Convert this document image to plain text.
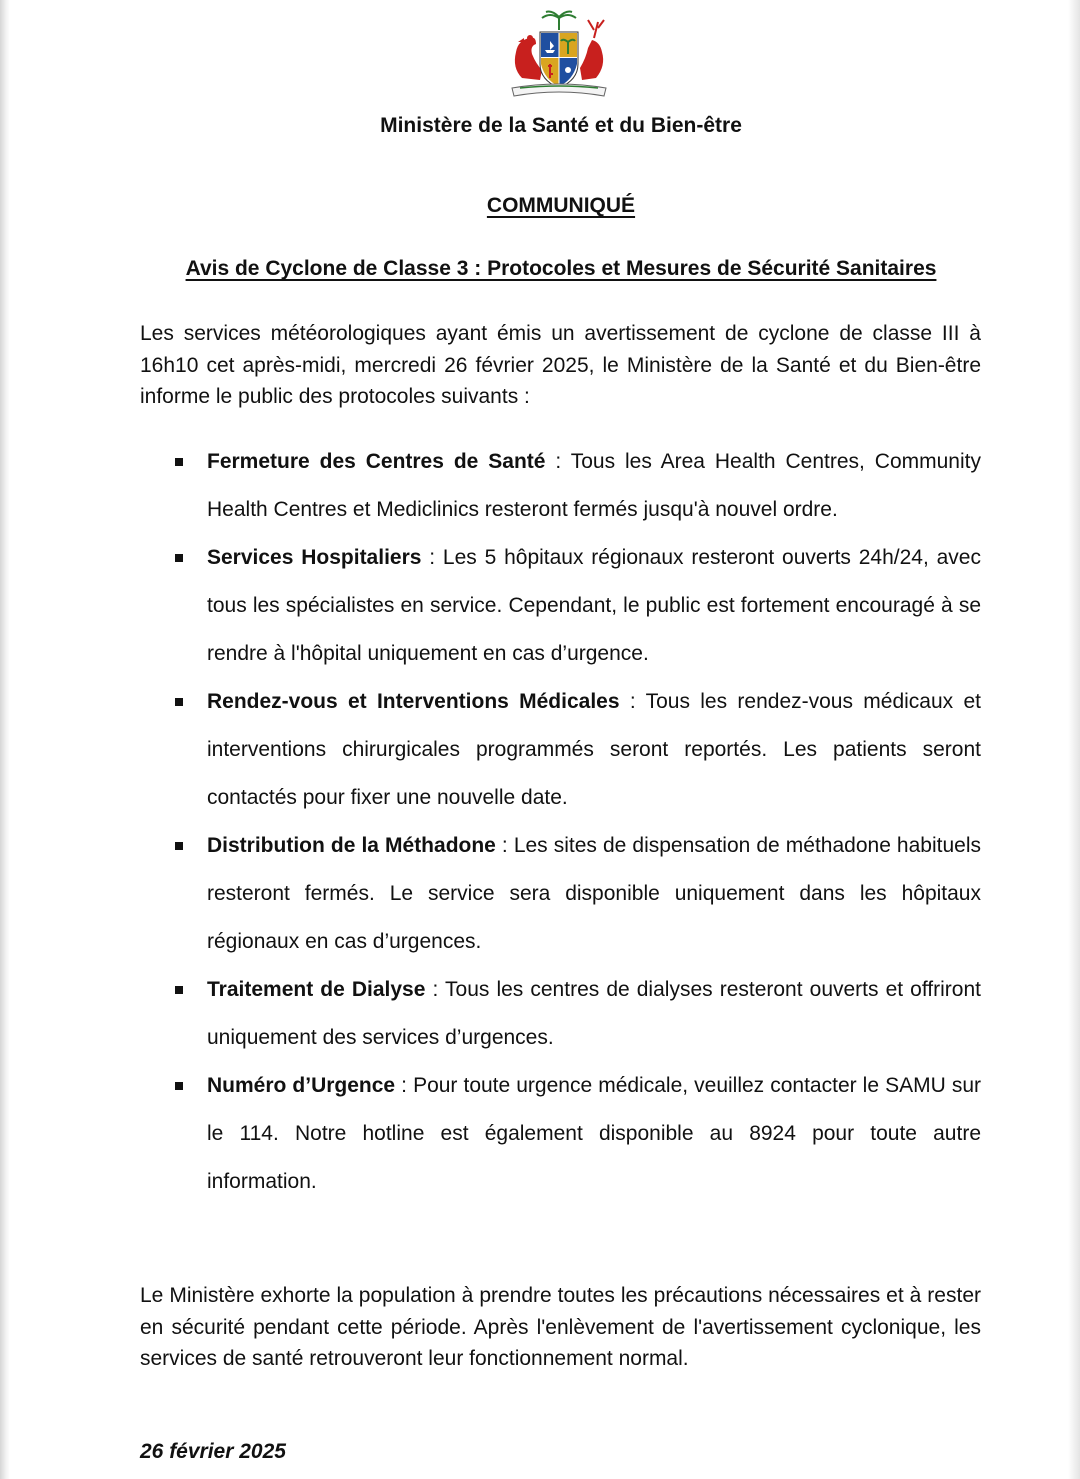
Ministère de la Santé et du Bien-être
COMMUNIQUÉ
Avis de Cyclone de Classe 3 : Protocoles et Mesures de Sécurité Sanitaires
Les services météorologiques ayant émis un avertissement de cyclone de classe III à 16h10 cet après-midi, mercredi 26 février 2025, le Ministère de la Santé et du Bien-être informe le public des protocoles suivants :
Fermeture des Centres de Santé : Tous les Area Health Centres, Community Health Centres et Mediclinics resteront fermés jusqu'à nouvel ordre.
Services Hospitaliers : Les 5 hôpitaux régionaux resteront ouverts 24h/24, avec tous les spécialistes en service. Cependant, le public est fortement encouragé à se rendre à l'hôpital uniquement en cas d’urgence.
Rendez-vous et Interventions Médicales : Tous les rendez-vous médicaux et interventions chirurgicales programmés seront reportés. Les patients seront contactés pour fixer une nouvelle date.
Distribution de la Méthadone : Les sites de dispensation de méthadone habituels resteront fermés. Le service sera disponible uniquement dans les hôpitaux régionaux en cas d’urgences.
Traitement de Dialyse : Tous les centres de dialyses resteront ouverts et offriront uniquement des services d’urgences.
Numéro d’Urgence : Pour toute urgence médicale, veuillez contacter le SAMU sur le 114. Notre hotline est également disponible au 8924 pour toute autre information.
Le Ministère exhorte la population à prendre toutes les précautions nécessaires et à rester en sécurité pendant cette période. Après l'enlèvement de l'avertissement cyclonique, les services de santé retrouveront leur fonctionnement normal.
26 février 2025
